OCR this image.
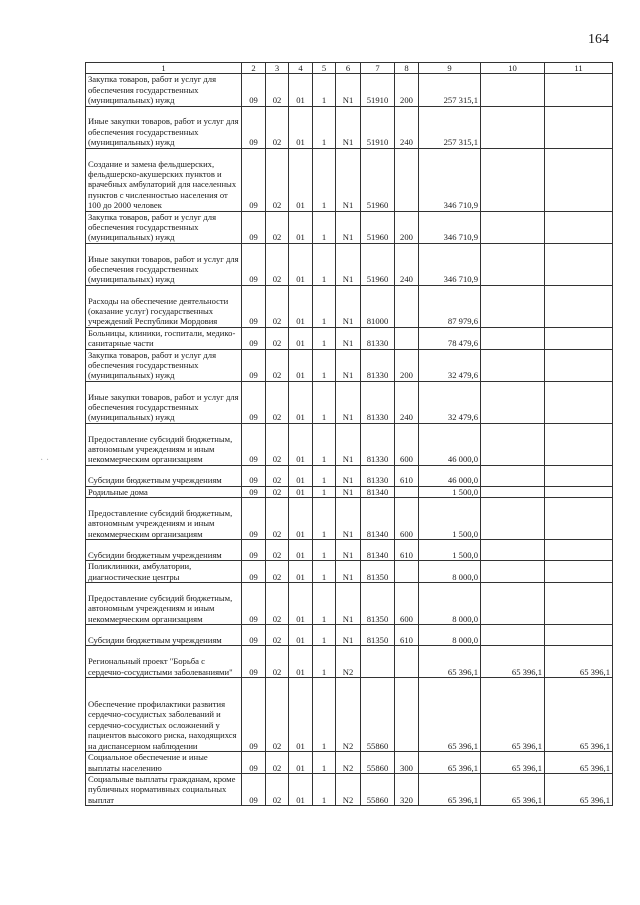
164
· ·
1	2	3	4	5	6	7	8	9	10	11
Закупка товаров, работ и услуг для обеспечения государственных (муниципальных) нужд	09	02	01	1	N1	51910	200	257 315,1		
Иные закупки товаров, работ и услуг для обеспечения государственных (муниципальных) нужд	09	02	01	1	N1	51910	240	257 315,1		
Создание и замена фельдшерских, фельдшерско-акушерских пунктов и врачебных амбулаторий для населенных пунктов с численностью населения от 100 до 2000 человек	09	02	01	1	N1	51960		346 710,9		
Закупка товаров, работ и услуг для обеспечения государственных (муниципальных) нужд	09	02	01	1	N1	51960	200	346 710,9		
Иные закупки товаров, работ и услуг для обеспечения государственных (муниципальных) нужд	09	02	01	1	N1	51960	240	346 710,9		
Расходы на обеспечение деятельности (оказание услуг) государственных учреждений Республики Мордовия	09	02	01	1	N1	81000		87 979,6		
Больницы, клиники, госпитали, медико-санитарные части	09	02	01	1	N1	81330		78 479,6		
Закупка товаров, работ и услуг для обеспечения государственных (муниципальных) нужд	09	02	01	1	N1	81330	200	32 479,6		
Иные закупки товаров, работ и услуг для обеспечения государственных (муниципальных) нужд	09	02	01	1	N1	81330	240	32 479,6		
Предоставление субсидий бюджетным, автономным учреждениям и иным некоммерческим организациям	09	02	01	1	N1	81330	600	46 000,0		
Субсидии бюджетным учреждениям	09	02	01	1	N1	81330	610	46 000,0		
Родильные дома	09	02	01	1	N1	81340		1 500,0		
Предоставление субсидий бюджетным, автономным учреждениям и иным некоммерческим организациям	09	02	01	1	N1	81340	600	1 500,0		
Субсидии бюджетным учреждениям	09	02	01	1	N1	81340	610	1 500,0		
Поликлиники, амбулатории, диагностические центры	09	02	01	1	N1	81350		8 000,0		
Предоставление субсидий бюджетным, автономным учреждениям и иным некоммерческим организациям	09	02	01	1	N1	81350	600	8 000,0		
Субсидии бюджетным учреждениям	09	02	01	1	N1	81350	610	8 000,0		
Региональный проект "Борьба с сердечно-сосудистыми заболеваниями"	09	02	01	1	N2			65 396,1	65 396,1	65 396,1
Обеспечение профилактики развития сердечно-сосудистых заболеваний и сердечно-сосудистых осложнений у пациентов высокого риска, находящихся на диспансерном наблюдении	09	02	01	1	N2	55860		65 396,1	65 396,1	65 396,1
Социальное обеспечение и иные выплаты населению	09	02	01	1	N2	55860	300	65 396,1	65 396,1	65 396,1
Социальные выплаты гражданам, кроме публичных нормативных социальных выплат	09	02	01	1	N2	55860	320	65 396,1	65 396,1	65 396,1
